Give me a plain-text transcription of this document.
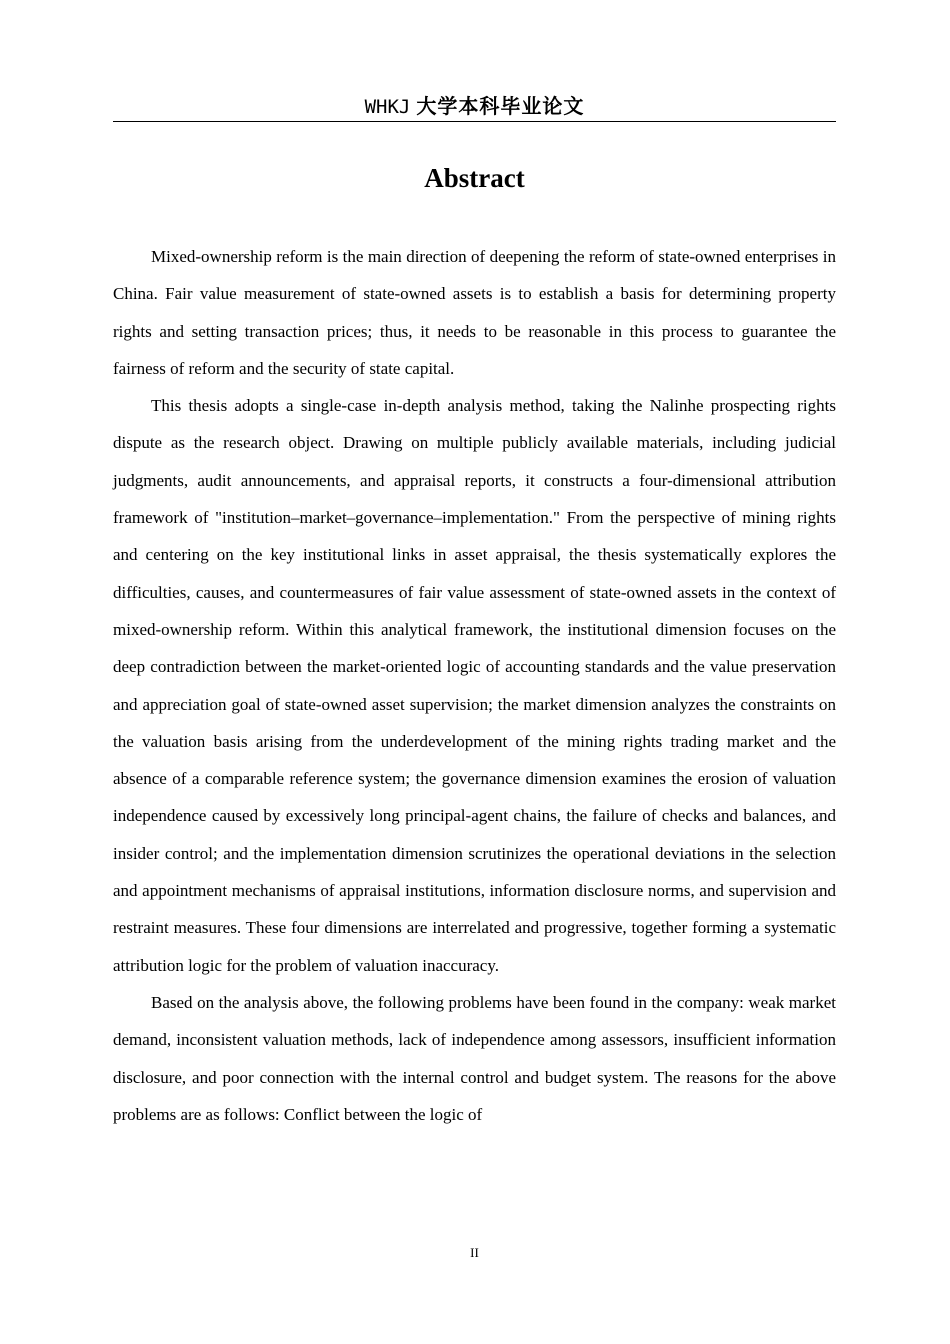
WHKJ 大学本科毕业论文
Abstract

Mixed-ownership reform is the main direction of deepening the reform of state-owned enterprises in China. Fair value measurement of state-owned assets is to establish a basis for determining property rights and setting transaction prices; thus, it needs to be reasonable in this process to guarantee the fairness of reform and the security of state capital.

This thesis adopts a single-case in-depth analysis method, taking the Nalinhe prospecting rights dispute as the research object. Drawing on multiple publicly available materials, including judicial judgments, audit announcements, and appraisal reports, it constructs a four-dimensional attribution framework of "institution–market–governance–implementation." From the perspective of mining rights and centering on the key institutional links in asset appraisal, the thesis systematically explores the difficulties, causes, and countermeasures of fair value assessment of state-owned assets in the context of mixed-ownership reform. Within this analytical framework, the institutional dimension focuses on the deep contradiction between the market-oriented logic of accounting standards and the value preservation and appreciation goal of state-owned asset supervision; the market dimension analyzes the constraints on the valuation basis arising from the underdevelopment of the mining rights trading market and the absence of a comparable reference system; the governance dimension examines the erosion of valuation independence caused by excessively long principal-agent chains, the failure of checks and balances, and insider control; and the implementation dimension scrutinizes the operational deviations in the selection and appointment mechanisms of appraisal institutions, information disclosure norms, and supervision and restraint measures. These four dimensions are interrelated and progressive, together forming a systematic attribution logic for the problem of valuation inaccuracy.

Based on the analysis above, the following problems have been found in the company: weak market demand, inconsistent valuation methods, lack of independence among assessors, insufficient information disclosure, and poor connection with the internal control and budget system. The reasons for the above problems are as follows: Conflict between the logic of

II
